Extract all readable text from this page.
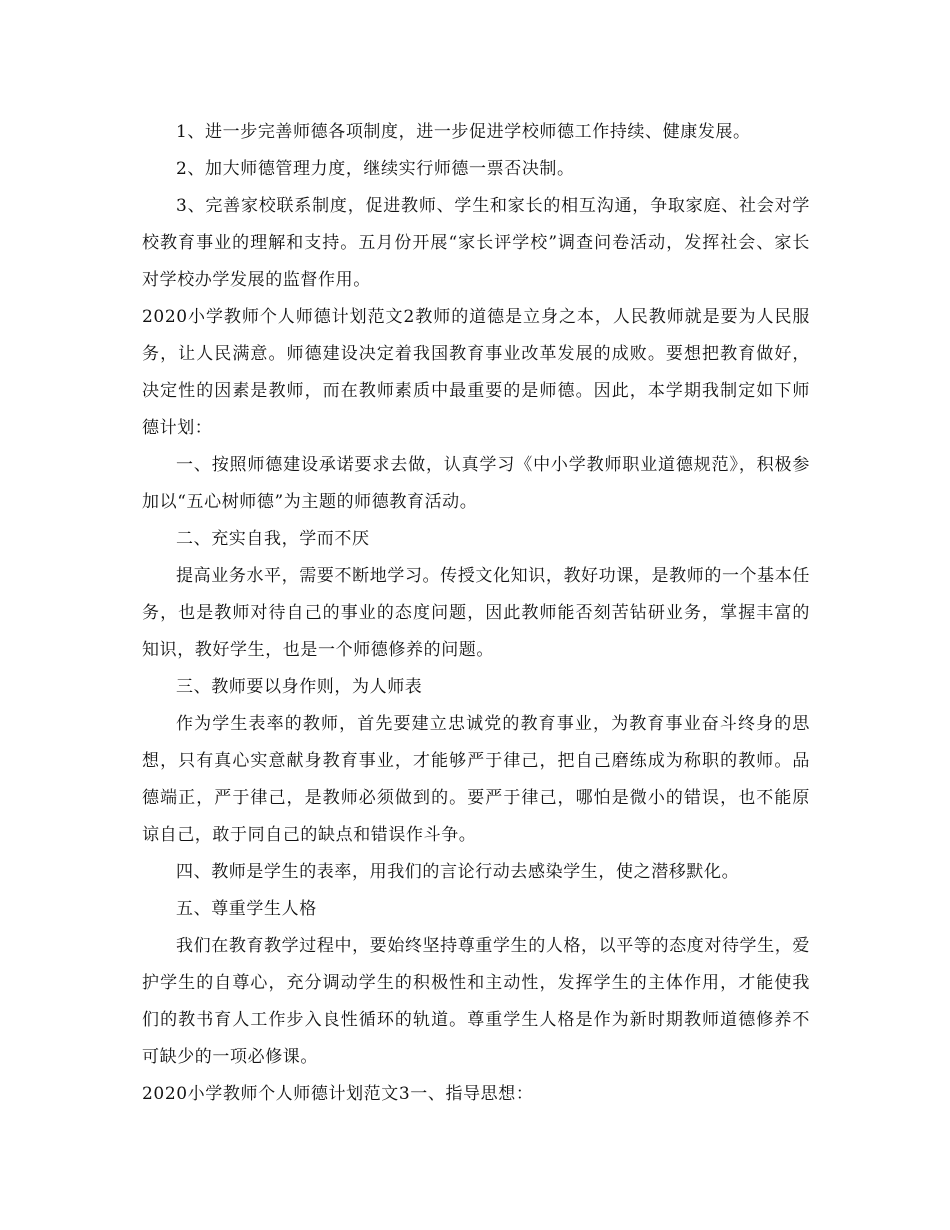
1、进一步完善师德各项制度，进一步促进学校师德工作持续、健康发展。

2、加大师德管理力度，继续实行师德一票否决制。

3、完善家校联系制度，促进教师、学生和家长的相互沟通，争取家庭、社会对学校教育事业的理解和支持。五月份开展“家长评学校”调查问卷活动，发挥社会、家长对学校办学发展的监督作用。

2020小学教师个人师德计划范文2教师的道德是立身之本，人民教师就是要为人民服务，让人民满意。师德建设决定着我国教育事业改革发展的成败。要想把教育做好，决定性的因素是教师，而在教师素质中最重要的是师德。因此，本学期我制定如下师德计划：

一、按照师德建设承诺要求去做，认真学习《中小学教师职业道德规范》，积极参加以“五心树师德”为主题的师德教育活动。

二、充实自我，学而不厌

提高业务水平，需要不断地学习。传授文化知识，教好功课，是教师的一个基本任务，也是教师对待自己的事业的态度问题，因此教师能否刻苦钻研业务，掌握丰富的知识，教好学生，也是一个师德修养的问题。

三、教师要以身作则，为人师表

作为学生表率的教师，首先要建立忠诚党的教育事业，为教育事业奋斗终身的思想，只有真心实意献身教育事业，才能够严于律己，把自己磨练成为称职的教师。品德端正，严于律己，是教师必须做到的。要严于律己，哪怕是微小的错误，也不能原谅自己，敢于同自己的缺点和错误作斗争。

四、教师是学生的表率，用我们的言论行动去感染学生，使之潜移默化。

五、尊重学生人格

我们在教育教学过程中，要始终坚持尊重学生的人格，以平等的态度对待学生，爱护学生的自尊心，充分调动学生的积极性和主动性，发挥学生的主体作用，才能使我们的教书育人工作步入良性循环的轨道。尊重学生人格是作为新时期教师道德修养不可缺少的一项必修课。

2020小学教师个人师德计划范文3一、指导思想：
